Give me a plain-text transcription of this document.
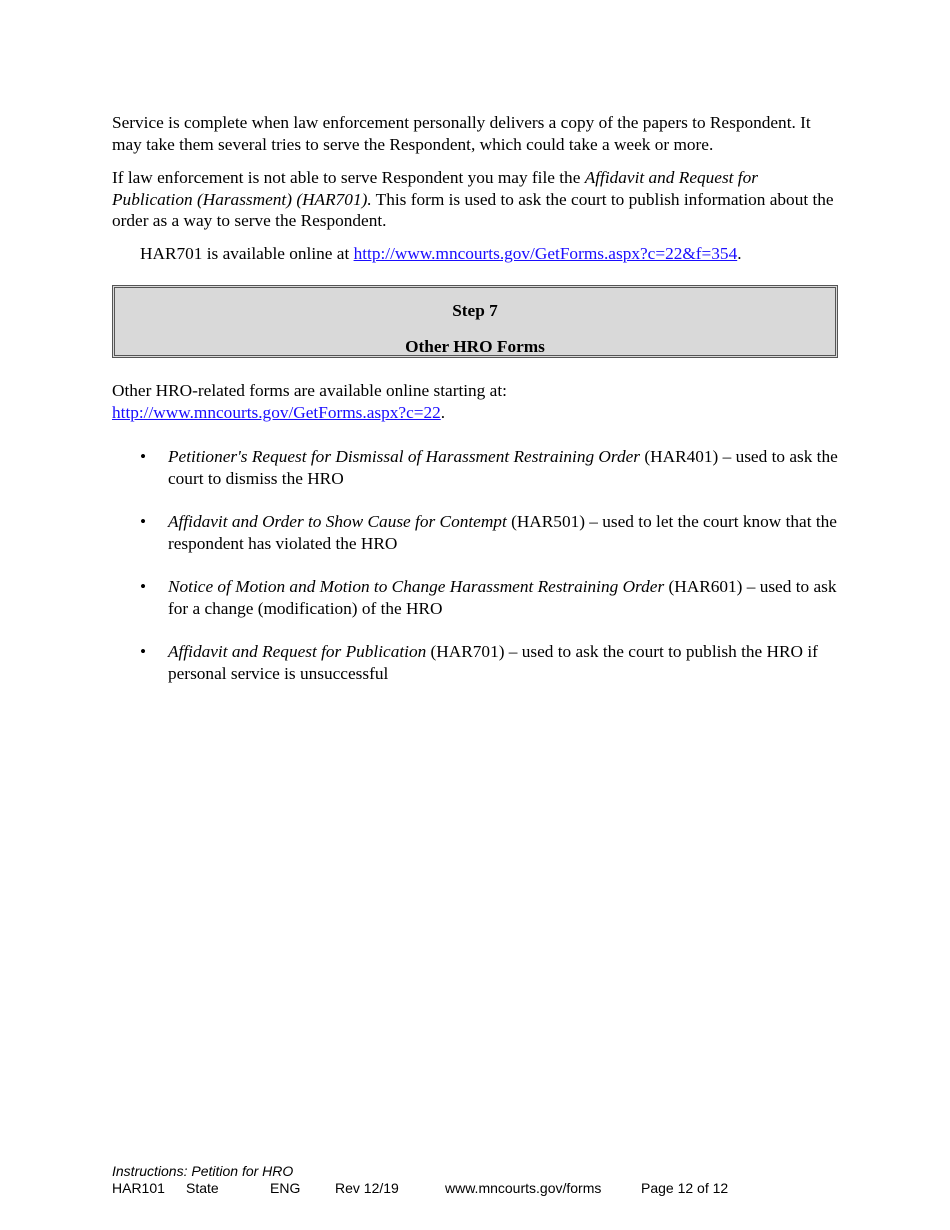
Service is complete when law enforcement personally delivers a copy of the papers to Respondent. It may take them several tries to serve the Respondent, which could take a week or more.

If law enforcement is not able to serve Respondent you may file the Affidavit and Request for Publication (Harassment) (HAR701). This form is used to ask the court to publish information about the order as a way to serve the Respondent.

HAR701 is available online at http://www.mncourts.gov/GetForms.aspx?c=22&f=354.

Step 7
Other HRO Forms

Other HRO-related forms are available online starting at:
http://www.mncourts.gov/GetForms.aspx?c=22.

• Petitioner's Request for Dismissal of Harassment Restraining Order (HAR401) – used to ask the court to dismiss the HRO
• Affidavit and Order to Show Cause for Contempt (HAR501) – used to let the court know that the respondent has violated the HRO
• Notice of Motion and Motion to Change Harassment Restraining Order (HAR601) – used to ask for a change (modification) of the HRO
• Affidavit and Request for Publication (HAR701) – used to ask the court to publish the HRO if personal service is unsuccessful
Instructions: Petition for HRO
HAR101 State	ENG Rev 12/19	www.mncourts.gov/forms	Page 12 of 12
